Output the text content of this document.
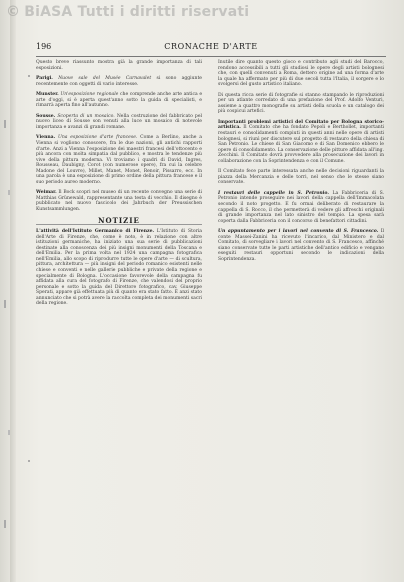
© BiASA Tutti i diritti riservati
196	CRONACHE D'ARTE

Questo breve riassunto mostra già la grande importanza di tali esposizioni.

Parigi. Nuove sale del Musée Carnavalet si sono aggiunte recentemente con oggetti di vario interesse.

Munster. Un'esposizione regionale che comprende anche arte antica e arte d'oggi, si è aperta quest'anno sotto la guida di specialisti, e rimarrà aperta fino all'autunno.

Sousse. Scoperta di un mosaico. Nella costruzione del fabbricato pel nuovo liceo di Sousse son venuti alla luce un mosaico di notevole importanza e avanzi di grandi romane.

Vienna. Una esposizione d'arte francese. Come a Berlino, anche a Vienna si vogliono conoscere, fra le due nazioni, gli antichi rapporti d'arte. Anzi a Vienna l'esposizione dei maestri francesi dell'ottocento e più ancora con molta simpatia dal pubblico, e mostra le tendenze più vive della pittura moderna. Vi troviamo i quadri di David, Ingres, Rousseau, Daubigny, Corot (con numerose opere), fra cui la celebre Madone del Louvre), Millet, Manet, Monet, Renoir, Pissarro, ecc. In una parola è una esposizione di primo ordine della pittura francese e il suo periodo aureo moderno.

Weimar. Il Bock scopri nel museo di un recente convegno una serie di Matthias Grünewald, rappresentante una testa di vecchio. Il disegno è pubblicato nel nuovo fascicolo dei Jahrbuch der Preussischen Kunstsammlungen.

NOTIZIE

L'attività dell'Istituto Germanico di Firenze. L'Istituto di Storia dell'Arte di Firenze, che, come è noto, è in relazione con altre istituzioni germaniche, ha iniziato una sua serie di pubblicazioni destinate alla conoscenza dei più insigni monumenti della Toscana e dell'Emilia. Per la prima volta nel 1924 una campagna fotografica nell'Emilia, allo scopo di riprodurre tutte le opere d'arte — di scultura, pittura, architettura — più insigni del periodo romanico esistenti nelle chiese e conventi e nelle gallerie pubbliche e private della regione e specialmente di Bologna. L'occasione favorevole della campagna fu affidata alla cura del fotografo di Firenze, che valendosi del proprio personale e sotto la guida del Direttore fotografico, cav. Giuseppe Sperati, appare già effettuata più di quanto era stato fatto. È anzi stato annunciato che si potrà avere la raccolta completa dei monumenti sacri della regione.

Inutile dire quanto questo gioco e contributo agli studi del Barocco, rendono accessibili a tutti gli studiosi le opere degli artisti bolognesi che, con quelli convenuti a Roma, dettero origine ad una forma d'arte la quale ha affermato per più di due secoli tutta l'Italia, il sorgere e lo svolgersi del gusto artistico italiano.

Di questa ricca serie di fotografie si stanno stampando le riproduzioni per un atlante corredato di una prefazione del Prof. Adolfo Venturi, assieme a quattro monografie su artisti della scuola e un catalogo dei più cospicui artefici.

Importanti problemi artistici del Comitato per Bologna storico-artistica. Il Comitato che ha fondato Pepoli e Berthollet, importanti restauri e consolidamenti compiuti in questi anni nelle opere di artisti bolognesi, si riunì per discutere sul progetto di restauro della chiesa di San Petronio. Le chiese di San Giacomo e di San Domenico ebbero le opere di consolidamento. La conservazione delle pitture affidata all'ing. Zecchini. Il Comitato dovrà provvedere alla prosecuzione dei lavori in collaborazione con la Soprintendenza e con il Comune.

Il Comitato fece parte interessata anche nelle decisioni riguardanti la piazza della Mercanzia e delle torri, nel senso che le stesse siano conservate.

I restauri delle cappelle in S. Petronio. La Fabbriceria di S. Petronio intende proseguire nei lavori della cappella dell'Immacolata secondo il noto progetto. E fu ormai deliberato di restaurare la cappella di S. Rocco, il che permetterà di vedere gli affreschi originali di grande importanza nel lato sinistro del tempio. La spesa sarà coperta dalla Fabbriceria con il concorso di benefattori cittadini.

Un appuntamento per i lavori nel convento di S. Francesco. Il conte Massei-Zanini ha ricevuto l'incarico, dal Ministero e dal Comitato, di sorvegliare i lavori nel convento di S. Francesco, affinché siano conservate tutte le parti artistiche dell'antico edificio e vengano eseguiti restauri opportuni secondo le indicazioni della Soprintendenza.
